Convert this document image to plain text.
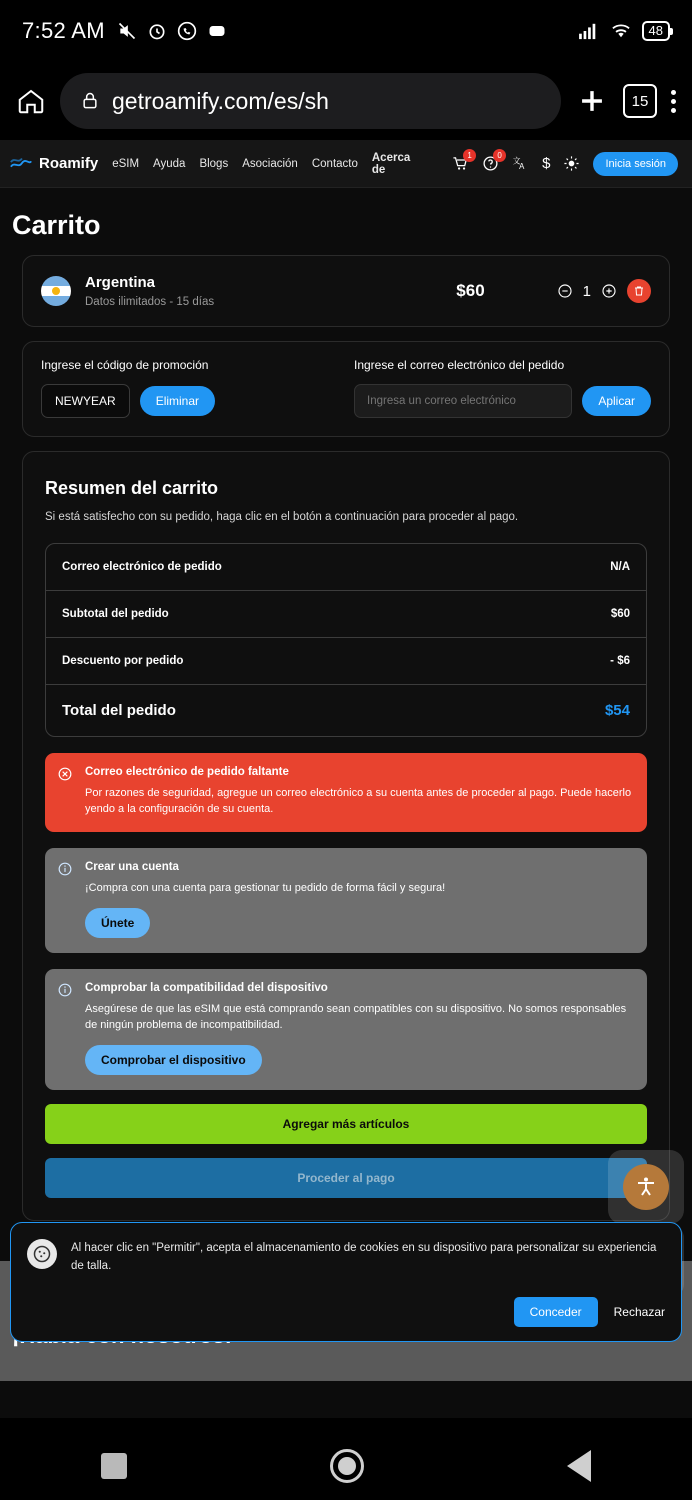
7:52 AM	48
getroamify.com/es/sh	15
Roamify eSIM Ayuda Blogs Asociación Contacto Acerca de
1	0
文
A $	Inicia sesión
Carrito
Argentina
Datos ilimitados - 15 días
$60	1
Ingrese el código de promoción
NEWYEAR	Eliminar
Ingrese el correo electrónico del pedido
Ingresa un correo electrónico
Aplicar
Resumen del carrito

Si está satisfecho con su pedido, haga clic en el botón a continuación para proceder al pago.

Correo electrónico de pedido	N/A
Subtotal del pedido	$60
Descuento por pedido	- $6
Total del pedido	$54
Correo electrónico de pedido faltante
Por razones de seguridad, agregue un correo electrónico a su cuenta antes de proceder al pago. Puede hacerlo yendo a la configuración de su cuenta.
Crear una cuenta
¡Compra con una cuenta para gestionar tu pedido de forma fácil y segura!
Únete
Comprobar la compatibilidad del dispositivo
Asegúrese de que las eSIM que está comprando sean compatibles con su dispositivo. No somos responsables de ningún problema de incompatibilidad.
Comprobar el dispositivo
Agregar más artículos
Proceder al pago
Al hacer clic en "Permitir", acepta el almacenamiento de cookies en su dispositivo para personalizar su experiencia de talla.
Conceder	Rechazar
